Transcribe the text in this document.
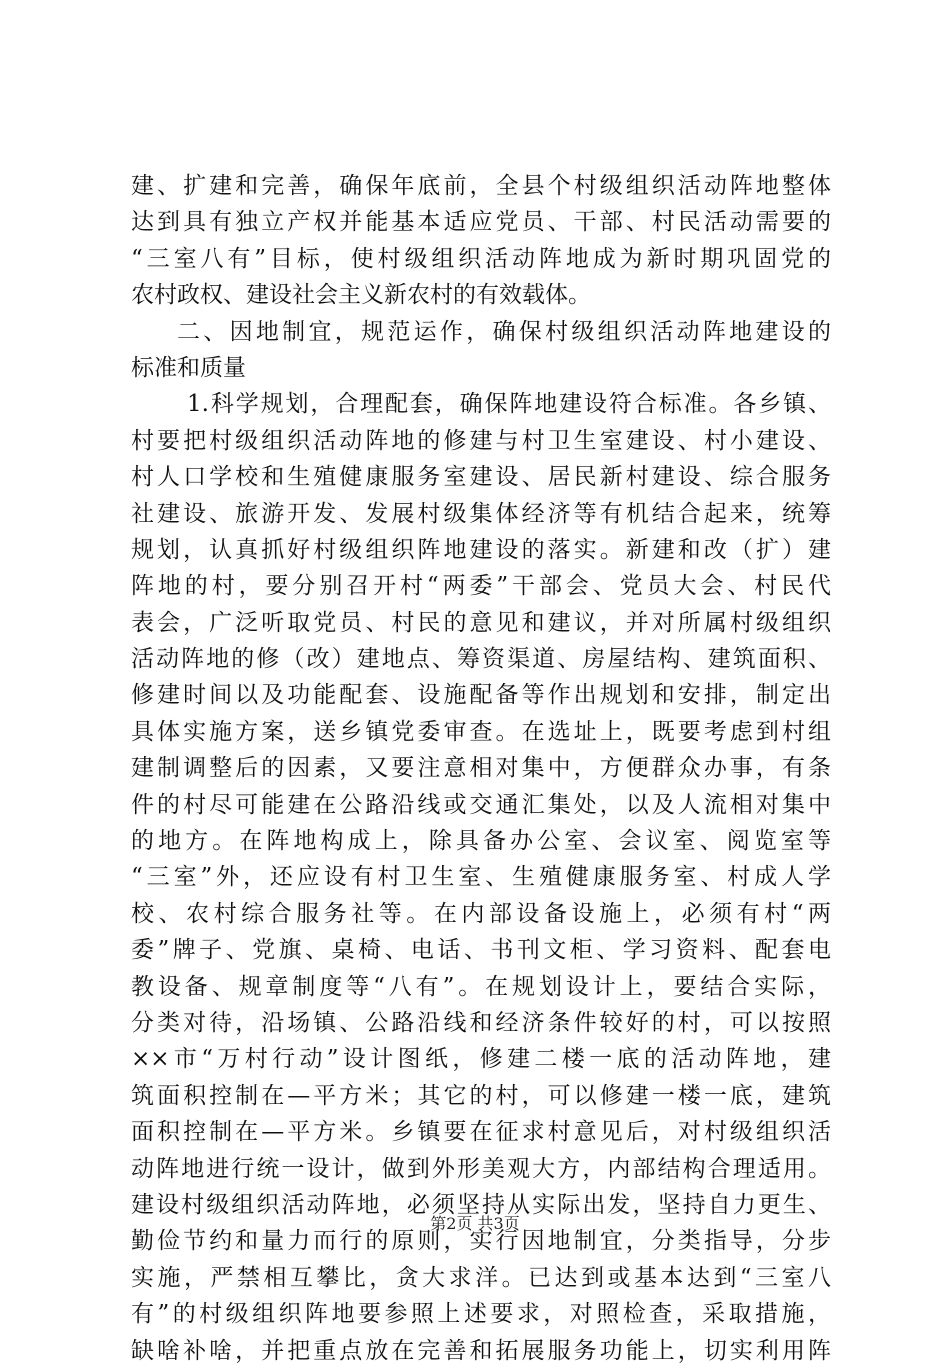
建、扩建和完善，确保年底前，全县个村级组织活动阵地整体
达到具有独立产权并能基本适应党员、干部、村民活动需要的
“三室八有”目标，使村级组织活动阵地成为新时期巩固党的
农村政权、建设社会主义新农村的有效载体。
二、因地制宜，规范运作，确保村级组织活动阵地建设的
标准和质量
1.科学规划，合理配套，确保阵地建设符合标准。各乡镇、
村要把村级组织活动阵地的修建与村卫生室建设、村小建设、
村人口学校和生殖健康服务室建设、居民新村建设、综合服务
社建设、旅游开发、发展村级集体经济等有机结合起来，统筹
规划，认真抓好村级组织阵地建设的落实。新建和改（扩）建
阵地的村，要分别召开村“两委”干部会、党员大会、村民代
表会，广泛听取党员、村民的意见和建议，并对所属村级组织
活动阵地的修（改）建地点、筹资渠道、房屋结构、建筑面积、
修建时间以及功能配套、设施配备等作出规划和安排，制定出
具体实施方案，送乡镇党委审查。在选址上，既要考虑到村组
建制调整后的因素，又要注意相对集中，方便群众办事，有条
件的村尽可能建在公路沿线或交通汇集处，以及人流相对集中
的地方。在阵地构成上，除具备办公室、会议室、阅览室等
“三室”外，还应设有村卫生室、生殖健康服务室、村成人学
校、农村综合服务社等。在内部设备设施上，必须有村“两
委”牌子、党旗、桌椅、电话、书刊文柜、学习资料、配套电
教设备、规章制度等“八有”。在规划设计上，要结合实际，
分类对待，沿场镇、公路沿线和经济条件较好的村，可以按照
××市“万村行动”设计图纸，修建二楼一底的活动阵地，建
筑面积控制在—平方米；其它的村，可以修建一楼一底，建筑
面积控制在—平方米。乡镇要在征求村意见后，对村级组织活
动阵地进行统一设计，做到外形美观大方，内部结构合理适用。
建设村级组织活动阵地，必须坚持从实际出发，坚持自力更生、
勤俭节约和量力而行的原则，实行因地制宜，分类指导，分步
实施，严禁相互攀比，贪大求洋。已达到或基本达到“三室八
有”的村级组织阵地要参照上述要求，对照检查，采取措施，
缺啥补啥，并把重点放在完善和拓展服务功能上，切实利用阵
第2页 共3页
